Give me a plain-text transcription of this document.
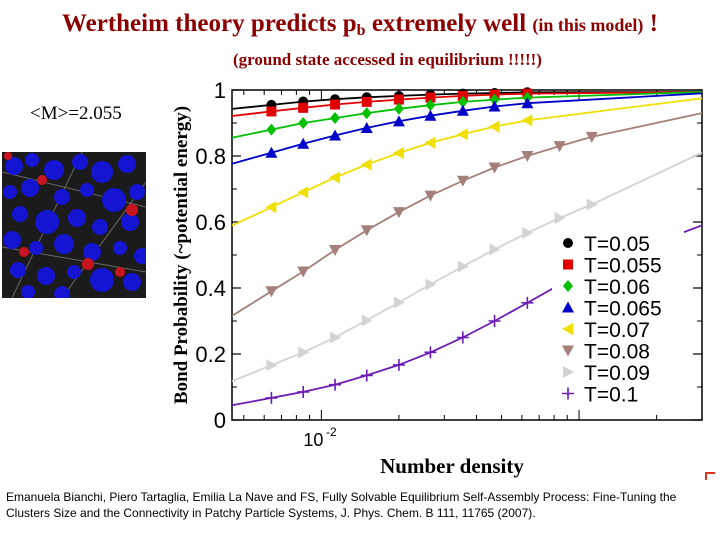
Wertheim theory predicts $p_b$ extremely well (in this model) !
(ground state accessed in equilibrium !!!!!)
<M>=2.055
0
0.2
0.4
0.6
0.8
1
10 -2
T=0.05
T=0.055
T=0.06
T=0.065
T=0.07
T=0.08
T=0.09
T=0.1
Number density
Bond Probability (~potential energy)
Emanuela Bianchi, Piero Tartaglia, Emilia La Nave and FS, Fully Solvable Equilibrium Self-Assembly Process: Fine-Tuning the Clusters Size and the Connectivity in Patchy Particle Systems, J. Phys. Chem. B 111, 11765 (2007).
